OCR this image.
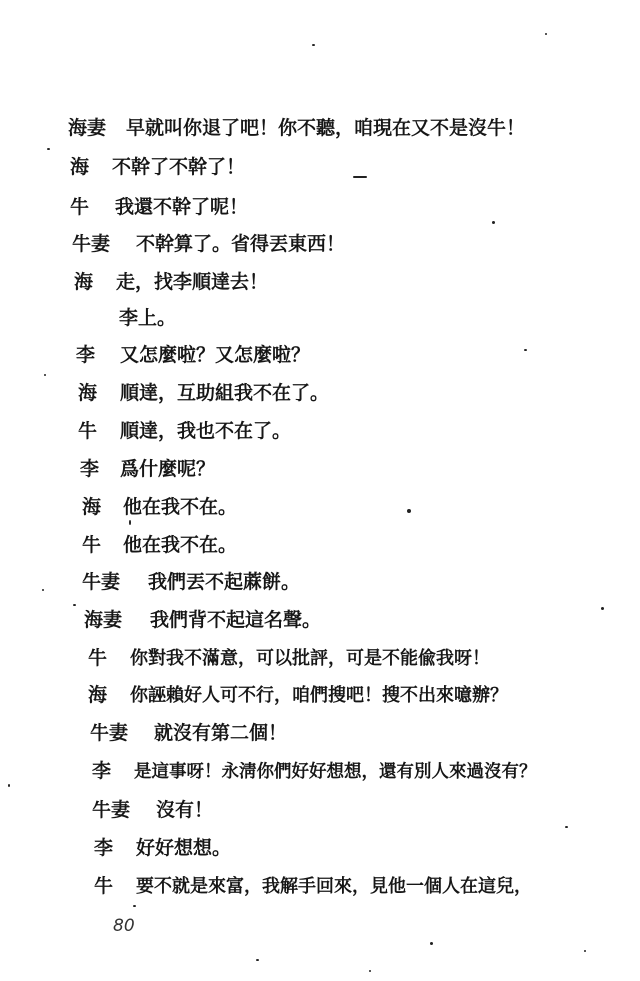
海妻 早就叫你退了吧！你不聽，咱現在又不是沒牛！
海 不幹了不幹了！
牛 我還不幹了呢！
牛妻 不幹算了。省得丟東西！
海 走，找李順達去！
李上。
李 又怎麼啦？又怎麼啦？
海 順達，互助組我不在了。
牛 順達，我也不在了。
李 爲什麼呢？
海 他在我不在。
牛 他在我不在。
牛妻 我們丟不起蔴餅。
海妻 我們背不起這名聲。
牛 你對我不滿意，可以批評，可是不能偸我呀！
海 你誣賴好人可不行，咱們搜吧！搜不出來噫辦？
牛妻 就沒有第二個！
李 是這事呀！永淸你們好好想想，還有別人來過沒有？
牛妻 沒有！
李 好好想想。
牛 要不就是來富，我解手回來，見他一個人在這兒，
80
